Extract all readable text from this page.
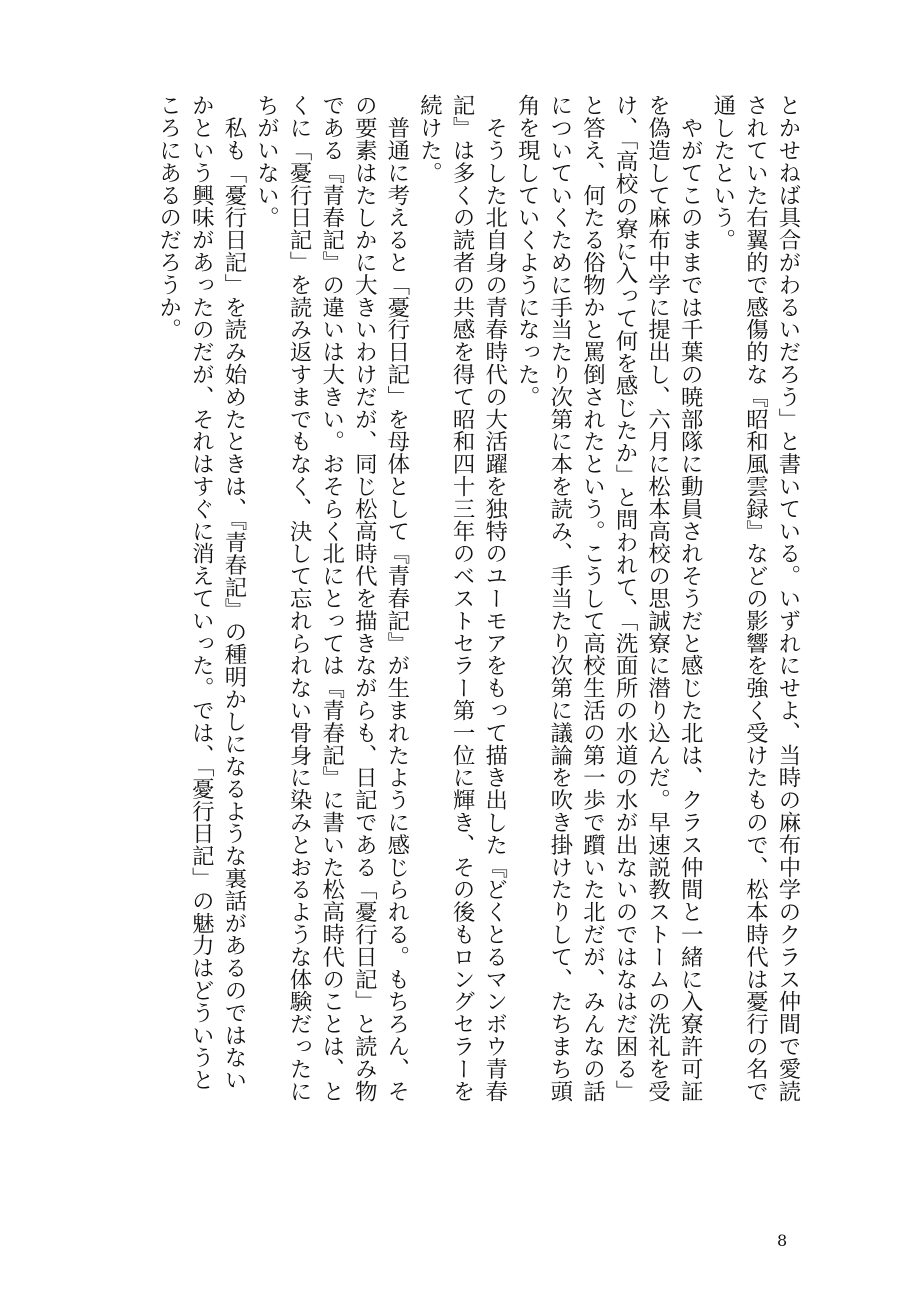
とかせねば具合がわるいだろう」と書いている。いずれにせよ、当時の麻布中学のクラス仲間で愛読
されていた右翼的で感傷的な『昭和風雲録』などの影響を強く受けたもので、松本時代は憂行の名で
通したという。
　やがてこのままでは千葉の暁部隊に動員されそうだと感じた北は、クラス仲間と一緒に入寮許可証
を偽造して麻布中学に提出し、六月に松本高校の思誠寮に潜り込んだ。早速説教ストームの洗礼を受
け、「高校の寮に入って何を感じたか」と問われて、「洗面所の水道の水が出ないのではなはだ困る」
と答え、何たる俗物かと罵倒されたという。こうして高校生活の第一歩で躓いた北だが、みんなの話
についていくために手当たり次第に本を読み、手当たり次第に議論を吹き掛けたりして、たちまち頭
角を現していくようになった。
　そうした北自身の青春時代の大活躍を独特のユーモアをもって描き出した『どくとるマンボウ青春
記』は多くの読者の共感を得て昭和四十三年のベストセラー第一位に輝き、その後もロングセラーを
続けた。
　普通に考えると「憂行日記」を母体として『青春記』が生まれたように感じられる。もちろん、そ
の要素はたしかに大きいわけだが、同じ松高時代を描きながらも、日記である「憂行日記」と読み物
である『青春記』の違いは大きい。おそらく北にとっては『青春記』に書いた松高時代のことは、と
くに「憂行日記」を読み返すまでもなく、決して忘れられない骨身に染みとおるような体験だったに
ちがいない。
　私も「憂行日記」を読み始めたときは、『青春記』の種明かしになるような裏話があるのではない
かという興味があったのだが、それはすぐに消えていった。では、「憂行日記」の魅力はどういうと
ころにあるのだろうか。
8
